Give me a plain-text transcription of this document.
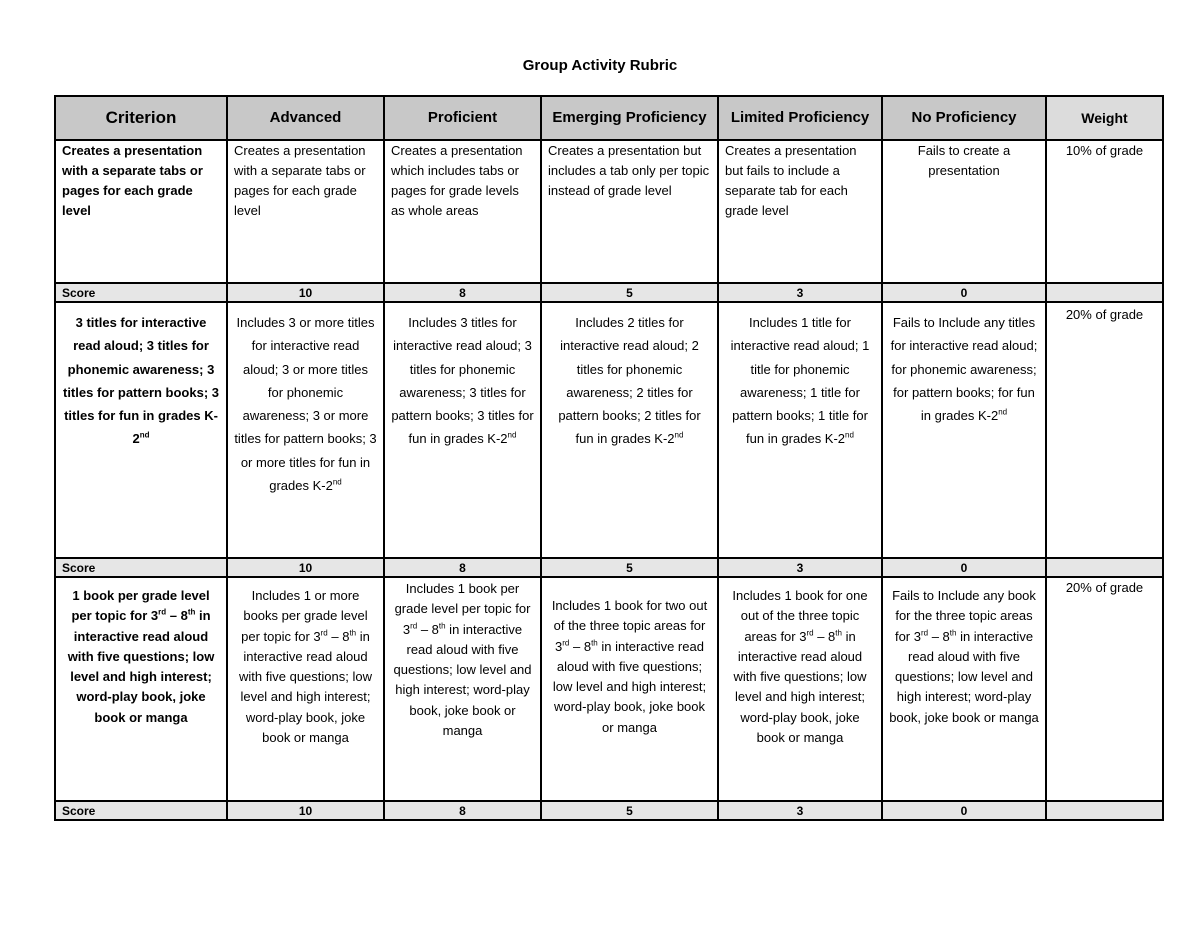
Group Activity Rubric
Criterion	Advanced	Proficient	Emerging Proficiency	Limited Proficiency	No Proficiency	Weight
Creates a presentation with a separate tabs or pages for each grade level	Creates a presentation with a separate tabs or pages for each grade level	Creates a presentation which includes tabs or pages for grade levels as whole areas	Creates a presentation but includes a tab only per topic instead of grade level	Creates a presentation but fails to include a separate tab for each grade level	Fails to create a presentation	10% of grade
Score	10	8	5	3	0	
3 titles for interactive read aloud; 3 titles for phonemic awareness; 3 titles for pattern books; 3 titles for fun in grades K-2nd	Includes 3 or more titles for interactive read aloud; 3 or more titles for phonemic awareness; 3 or more titles for pattern books; 3 or more titles for fun in grades K-2nd	Includes 3 titles for interactive read aloud; 3 titles for phonemic awareness; 3 titles for pattern books; 3 titles for fun in grades K-2nd	Includes 2 titles for interactive read aloud; 2 titles for phonemic awareness; 2 titles for pattern books; 2 titles for fun in grades K-2nd	Includes 1 title for interactive read aloud; 1 title for phonemic awareness; 1 title for pattern books; 1 title for fun in grades K-2nd	Fails to Include any titles for interactive read aloud; for phonemic awareness; for pattern books; for fun in grades K-2nd	20% of grade
Score	10	8	5	3	0	
1 book per grade level per topic for 3rd – 8th in interactive read aloud with five questions; low level and high interest; word-play book, joke book or manga	Includes 1 or more books per grade level per topic for 3rd – 8th in interactive read aloud with five questions; low level and high interest; word-play book, joke book or manga	Includes 1 book per grade level per topic for 3rd – 8th in interactive read aloud with five questions; low level and high interest; word-play book, joke book or manga	Includes 1 book for two out of the three topic areas for 3rd – 8th in interactive read aloud with five questions; low level and high interest; word-play book, joke book or manga	Includes 1 book for one out of the three topic areas for 3rd – 8th in interactive read aloud with five questions; low level and high interest; word-play book, joke book or manga	Fails to Include any book for the three topic areas for 3rd – 8th in interactive read aloud with five questions; low level and high interest; word-play book, joke book or manga	20% of grade
Score	10	8	5	3	0	
